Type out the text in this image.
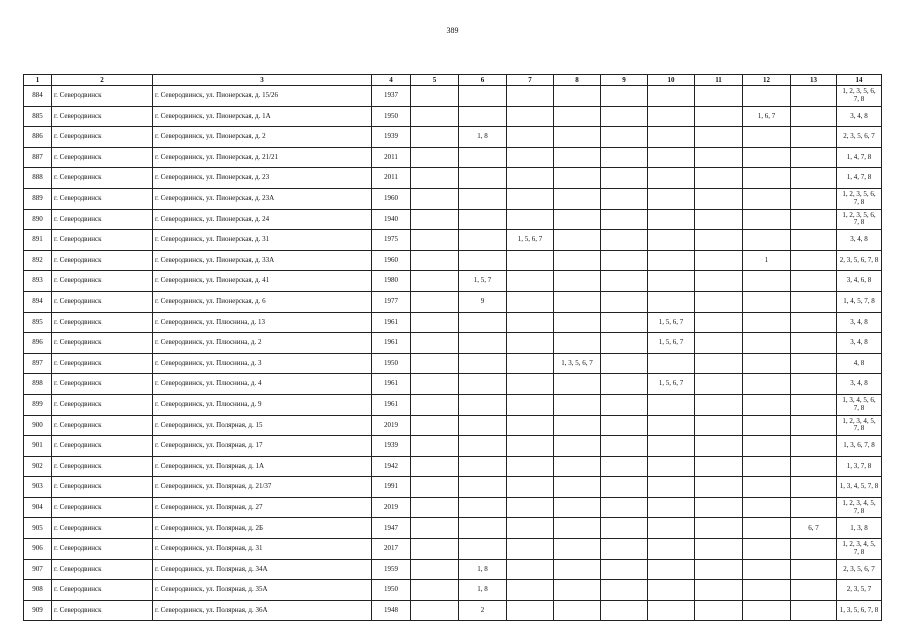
389
1	2	3	4	5	6	7	8	9	10	11	12	13	14
884	г. Северодвинск	г. Северодвинск, ул. Пионерская, д. 15/26	1937										1, 2, 3, 5, 6, 7, 8
885	г. Северодвинск	г. Северодвинск, ул. Пионерская, д. 1А	1950								1, 6, 7		3, 4, 8
886	г. Северодвинск	г. Северодвинск, ул. Пионерская, д. 2	1939		1, 8								2, 3, 5, 6, 7
887	г. Северодвинск	г. Северодвинск, ул. Пионерская, д. 21/21	2011										1, 4, 7, 8
888	г. Северодвинск	г. Северодвинск, ул. Пионерская, д. 23	2011										1, 4, 7, 8
889	г. Северодвинск	г. Северодвинск, ул. Пионерская, д. 23А	1960										1, 2, 3, 5, 6, 7, 8
890	г. Северодвинск	г. Северодвинск, ул. Пионерская, д. 24	1940										1, 2, 3, 5, 6, 7, 8
891	г. Северодвинск	г. Северодвинск, ул. Пионерская, д. 31	1975			1, 5, 6, 7							3, 4, 8
892	г. Северодвинск	г. Северодвинск, ул. Пионерская, д. 33А	1960								1		2, 3, 5, 6, 7, 8
893	г. Северодвинск	г. Северодвинск, ул. Пионерская, д. 41	1980		1, 5, 7								3, 4, 6, 8
894	г. Северодвинск	г. Северодвинск, ул. Пионерская, д. 6	1977		9								1, 4, 5, 7, 8
895	г. Северодвинск	г. Северодвинск, ул. Плюснина, д. 13	1961						1, 5, 6, 7				3, 4, 8
896	г. Северодвинск	г. Северодвинск, ул. Плюснина, д. 2	1961						1, 5, 6, 7				3, 4, 8
897	г. Северодвинск	г. Северодвинск, ул. Плюснина, д. 3	1950				1, 3, 5, 6, 7						4, 8
898	г. Северодвинск	г. Северодвинск, ул. Плюснина, д. 4	1961						1, 5, 6, 7				3, 4, 8
899	г. Северодвинск	г. Северодвинск, ул. Плюснина, д. 9	1961										1, 3, 4, 5, 6, 7, 8
900	г. Северодвинск	г. Северодвинск, ул. Полярная, д. 15	2019										1, 2, 3, 4, 5, 7, 8
901	г. Северодвинск	г. Северодвинск, ул. Полярная, д. 17	1939										1, 3, 6, 7, 8
902	г. Северодвинск	г. Северодвинск, ул. Полярная, д. 1А	1942										1, 3, 7, 8
903	г. Северодвинск	г. Северодвинск, ул. Полярная, д. 21/37	1991										1, 3, 4, 5, 7, 8
904	г. Северодвинск	г. Северодвинск, ул. Полярная, д. 27	2019										1, 2, 3, 4, 5, 7, 8
905	г. Северодвинск	г. Северодвинск, ул. Полярная, д. 2Б	1947									6, 7	1, 3, 8
906	г. Северодвинск	г. Северодвинск, ул. Полярная, д. 31	2017										1, 2, 3, 4, 5, 7, 8
907	г. Северодвинск	г. Северодвинск, ул. Полярная, д. 34А	1959		1, 8								2, 3, 5, 6, 7
908	г. Северодвинск	г. Северодвинск, ул. Полярная, д. 35А	1950		1, 8								2, 3, 5, 7
909	г. Северодвинск	г. Северодвинск, ул. Полярная, д. 36А	1948		2								1, 3, 5, 6, 7, 8
